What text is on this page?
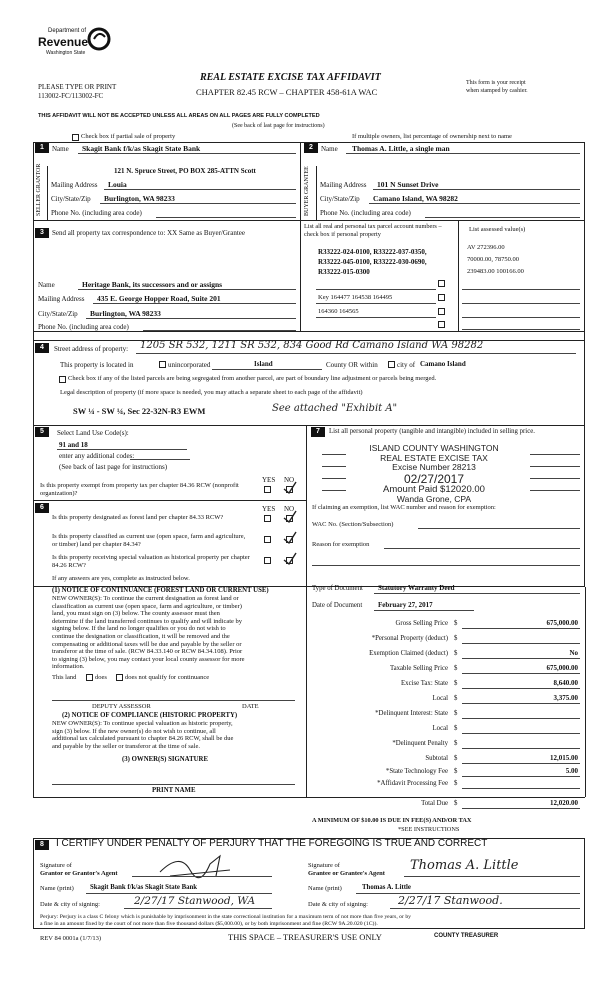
Department of
Revenue
Washington State
PLEASE TYPE OR PRINT
113002-FC/113002-FC
REAL ESTATE EXCISE TAX AFFIDAVIT
CHAPTER 82.45 RCW – CHAPTER 458-61A WAC
This form is your receipt
when stamped by cashier.
THIS AFFIDAVIT WILL NOT BE ACCEPTED UNLESS ALL AREAS ON ALL PAGES ARE FULLY COMPLETED
(See back of last page for instructions)
Check box if partial sale of property	If multiple owners, list percentage of ownership next to name
1
SELLER GRANTOR
Name Skagit Bank f/k/as Skagit State Bank
121 N. Spruce Street, PO BOX 285-ATTN Scott
Mailing Address Louia
City/State/Zip Burlington, WA 98233
Phone No. (including area code)
2
BUYER GRANTEE
Name Thomas A. Little, a single man
Mailing Address 101 N Sunset Drive
City/State/Zip Camano Island, WA 98282
Phone No. (including area code)
3	Send all property tax correspondence to: XX Same as Buyer/Grantee
Name	Heritage Bank, its successors and or assigns
Mailing Address 435 E. George Hopper Road, Suite 201
City/State/Zip Burlington, WA 98233
Phone No. (including area code)
List all real and personal tax parcel account numbers – check box if personal property
List assessed value(s)
R33222-024-0100, R33222-037-0350, R33222-045-0100, R33222-030-0690, R33222-015-0300
AV 272396.00
70000.00, 78750.00
239483.00 100166.00
Key 164477 164538 164495
164360 164565
4	Street address of property: 1205 SR 532, 1211 SR 532, 834 Good Rd Camano Island WA 98282
This property is located in	unincorporated	Island	County OR within	city of Camano Island
Check box if any of the listed parcels are being segregated from another parcel, are part of boundary line adjustment or parcels being merged.
Legal description of property (if more space is needed, you may attach a separate sheet to each page of the affidavit)
SW ¼ - SW ¼, Sec 22-32N-R3 EWM	See attached "Exhibit A"
5	Select Land Use Code(s):
91 and 18
enter any additional codes:
(See back of last page for instructions)
YES NO
Is this property exempt from property tax per chapter 84.36 RCW (nonprofit organization)?
6	YES NO
Is this property designated as forest land per chapter 84.33 RCW?
Is this property classified as current use (open space, farm and agriculture, or timber) land per chapter 84.34?
Is this property receiving special valuation as historical property per chapter 84.26 RCW?
If any answers are yes, complete as instructed below.
(1) NOTICE OF CONTINUANCE (FOREST LAND OR CURRENT USE)
NEW OWNER(S): To continue the current designation as forest land or
classification as current use (open space, farm and agriculture, or timber)
land, you must sign on (3) below. The county assessor must then
determine if the land transferred continues to qualify and will indicate by
signing below. If the land no longer qualifies or you do not wish to
continue the designation or classification, it will be removed and the
compensating or additional taxes will be due and payable by the seller or
transferor at the time of sale. (RCW 84.33.140 or RCW 84.34.108). Prior
to signing (3) below, you may contact your local county assessor for more
information.
This land	does	does not qualify for continuance
DEPUTY ASSESSOR	DATE
(2) NOTICE OF COMPLIANCE (HISTORIC PROPERTY)
NEW OWNER(S): To continue special valuation as historic property,
sign (3) below. If the new owner(s) do not wish to continue, all
additional tax calculated pursuant to chapter 84.26 RCW, shall be due
and payable by the seller or transferor at the time of sale.
(3) OWNER(S) SIGNATURE
PRINT NAME
7	List all personal property (tangible and intangible) included in selling price.
ISLAND COUNTY WASHINGTON
REAL ESTATE EXCISE TAX
Excise Number 28213
02/27/2017
Amount Paid $12020.00
Wanda Grone, CPA
If claiming an exemption, list WAC number and reason for exemption:
WAC No. (Section/Subsection)
Reason for exemption
Type of Document Statutory Warranty Deed
Date of Document February 27, 2017
Gross Selling Price $	675,000.00
*Personal Property (deduct) $
Exemption Claimed (deduct) $	No
Taxable Selling Price $	675,000.00
Excise Tax: State $	8,640.00
Local $	3,375.00
*Delinquent Interest: State $
Local $
*Delinquent Penalty $
Subtotal $	12,015.00
*State Technology Fee $	5.00
*Affidavit Processing Fee $
Total Due $	12,020.00
A MINIMUM OF $10.00 IS DUE IN FEE(S) AND/OR TAX
*SEE INSTRUCTIONS
8	I CERTIFY UNDER PENALTY OF PERJURY THAT THE FOREGOING IS TRUE AND CORRECT
Signature of
Grantor or Grantor's Agent
Name (print) Skagit Bank f/k/as Skagit State Bank
Date & city of signing:	2/27/17 Stanwood, WA
Signature of
Grantee or Grantee's Agent
Thomas A. Little
Name (print)	Thomas A. Little
Date & city of signing:	2/27/17 Stanwood.
Perjury: Perjury is a class C felony which is punishable by imprisonment in the state correctional institution for a maximum term of not more than five years, or by
a fine in an amount fixed by the court of not more than five thousand dollars ($5,000.00), or by both imprisonment and fine (RCW 9A.20.020 (1C)).
REV 84 0001a (1/7/13)	THIS SPACE – TREASURER'S USE ONLY	COUNTY TREASURER
